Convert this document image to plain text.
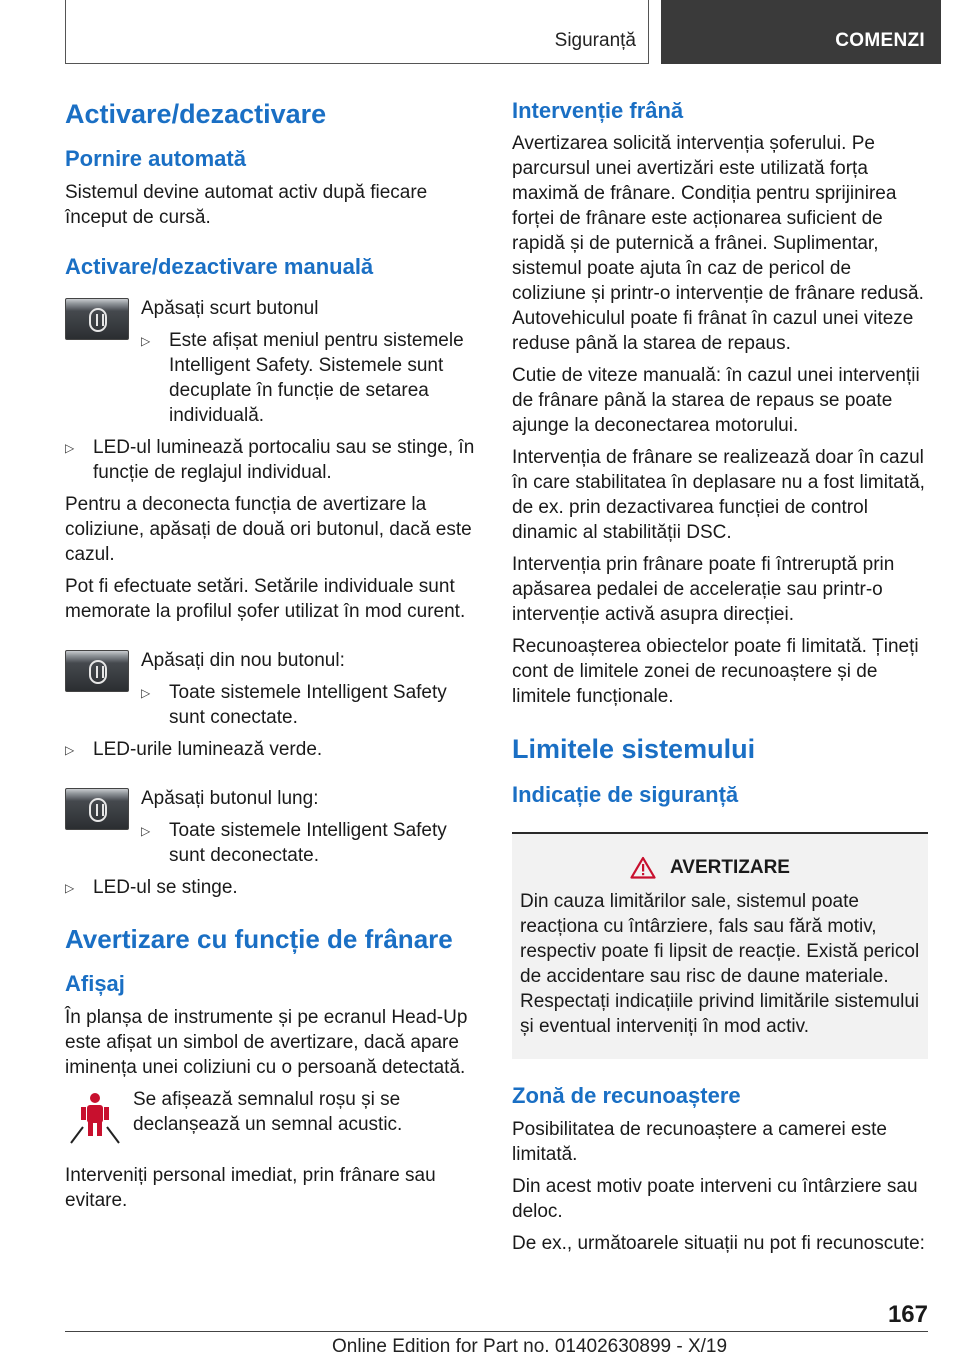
Siguranță	COMENZI
Activare/dezactivare
Pornire automată

Sistemul devine automat activ după fiecare început de cursă.

Activare/dezactivare manuală

Apăsați scurt butonul

▷ Este afișat meniul pentru sistemele Intelligent Safety. Sistemele sunt decuplate în funcție de setarea individuală.
▷ LED-ul luminează portocaliu sau se stinge, în funcție de reglajul individual.

Pentru a deconecta funcția de avertizare la coliziune, apăsați de două ori butonul, dacă este cazul.

Pot fi efectuate setări. Setările individuale sunt memorate la profilul șofer utilizat în mod curent.

Apăsați din nou butonul:

▷ Toate sistemele Intelligent Safety sunt conectate.
▷ LED-urile luminează verde.

Apăsați butonul lung:

▷ Toate sistemele Intelligent Safety sunt deconectate.
▷ LED-ul se stinge.
Avertizare cu funcție de frânare
Afișaj

În planșa de instrumente și pe ecranul Head-Up este afișat un simbol de avertizare, dacă apare iminența unei coliziuni cu o persoană detectată.

Se afișează semnalul roșu și se declanșează un semnal acustic.

Interveniți personal imediat, prin frânare sau evitare.

Intervenție frână

Avertizarea solicită intervenția șoferului. Pe parcursul unei avertizări este utilizată forța maximă de frânare. Condiția pentru sprijinirea forței de frânare este acționarea suficient de rapidă și de puternică a frânei. Suplimentar, sistemul poate ajuta în caz de pericol de coliziune și printr-o intervenție de frânare redusă. Autovehiculul poate fi frânat în cazul unei viteze reduse până la starea de repaus.

Cutie de viteze manuală: în cazul unei intervenții de frânare până la starea de repaus se poate ajunge la deconectarea motorului.

Intervenția de frânare se realizează doar în cazul în care stabilitatea în deplasare nu a fost limitată, de ex. prin dezactivarea funcției de control dinamic al stabilității DSC.

Intervenția prin frânare poate fi întreruptă prin apăsarea pedalei de accelerație sau printr-o intervenție activă asupra direcției.

Recunoașterea obiectelor poate fi limitată. Țineți cont de limitele zonei de recunoaștere și de limitele funcționale.

Limitele sistemului
Indicație de siguranță
AVERTIZARE

Din cauza limitărilor sale, sistemul poate reacționa cu întârziere, fals sau fără motiv, respectiv poate fi lipsit de reacție. Există pericol de accidentare sau risc de daune materiale. Respectați indicațiile privind limitările sistemului și eventual interveniți în mod activ.

Zonă de recunoaștere

Posibilitatea de recunoaștere a camerei este limitată.

Din acest motiv poate interveni cu întârziere sau deloc.

De ex., următoarele situații nu pot fi recunoscute:

167
Online Edition for Part no. 01402630899 - X/19
